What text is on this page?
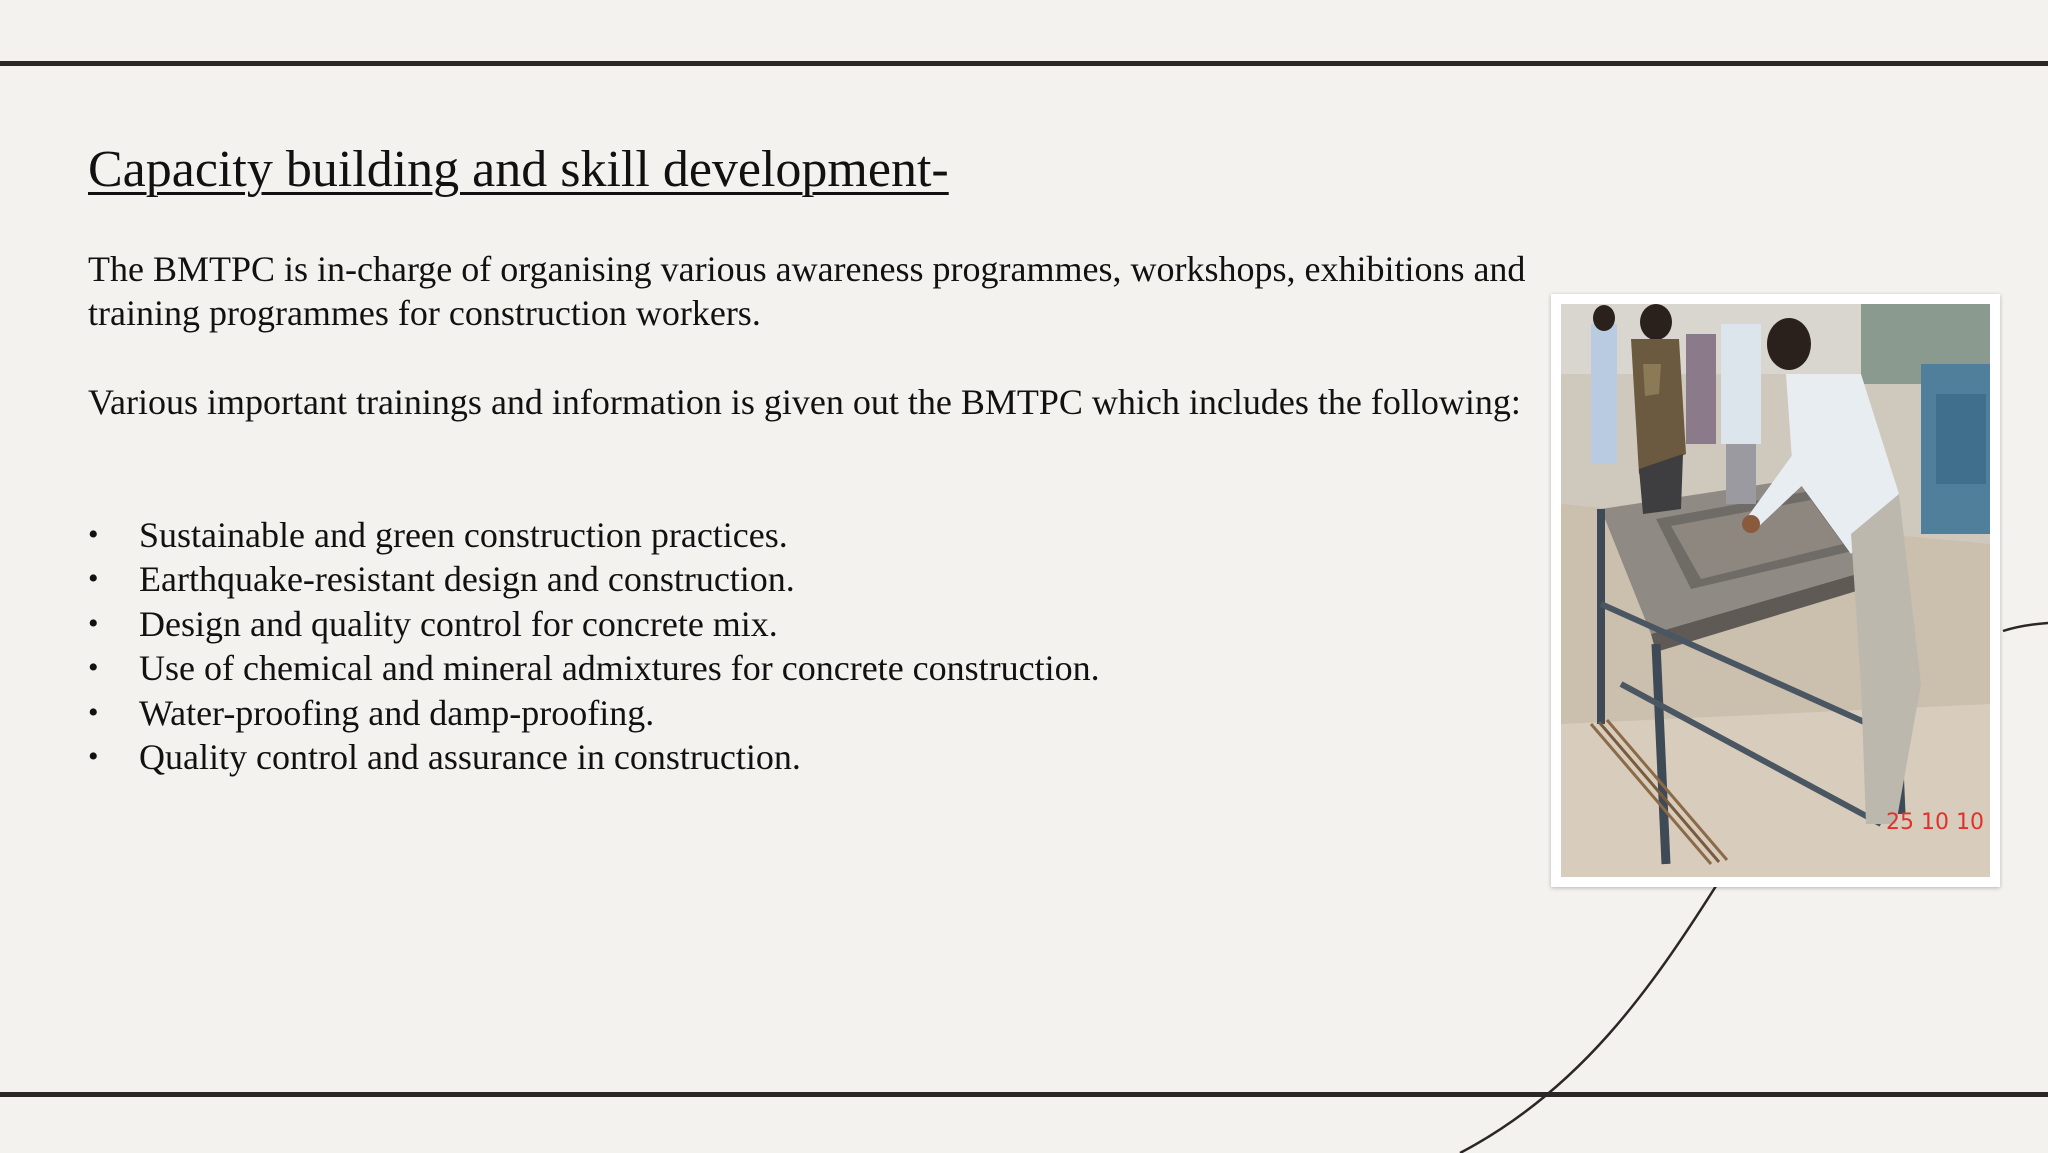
Capacity building and skill development-

The BMTPC is in-charge of organising various awareness programmes, workshops, exhibitions and training programmes for construction workers.

Various important trainings and information is given out the BMTPC which includes the following:

• Sustainable and green construction practices.
• Earthquake-resistant design and construction.
• Design and quality control for concrete mix.
• Use of chemical and mineral admixtures for concrete construction.
• Water-proofing and damp-proofing.
• Quality control and assurance in construction.
25 10 10
